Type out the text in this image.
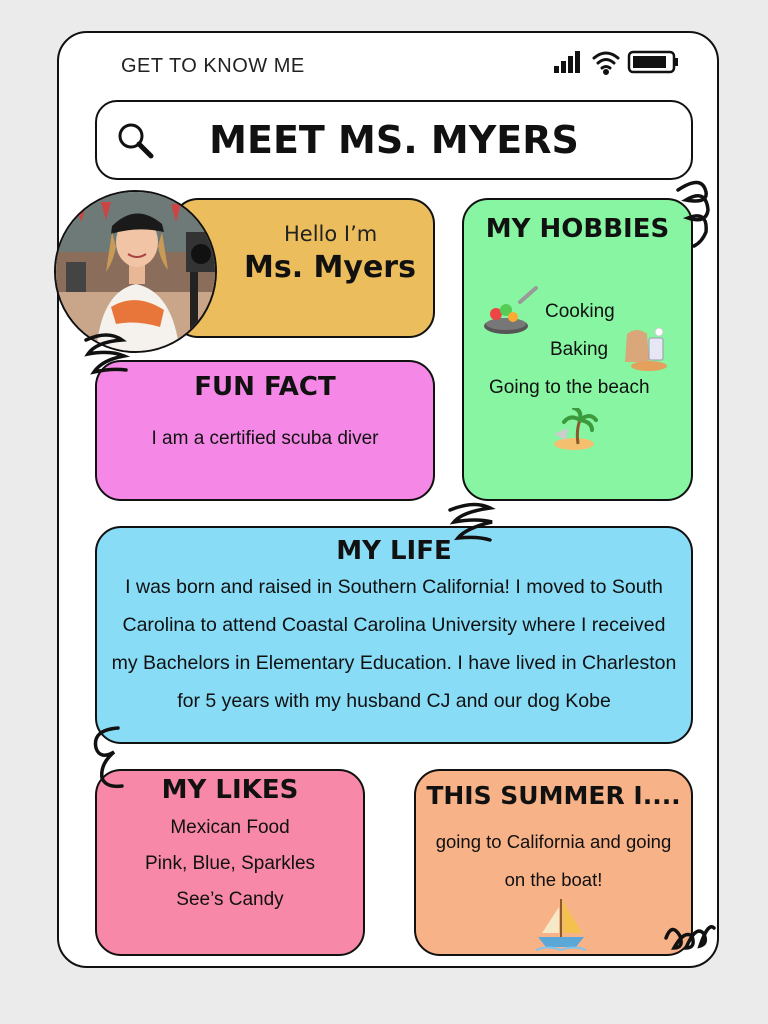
GET TO KNOW ME
MEET MS. MYERS
Hello I’m
Ms. Myers
FUN FACT
I am a certified scuba diver
MY HOBBIES
Cooking
Baking
Going to the beach
MY LIFE
I was born and raised in Southern California! I moved to South Carolina to attend Coastal Carolina University where I received my Bachelors in Elementary Education. I have lived in Charleston for 5 years with my husband CJ and our dog Kobe
MY LIKES
Mexican Food
Pink, Blue, Sparkles
See’s Candy
THIS SUMMER I....
going to California and going
on the boat!
